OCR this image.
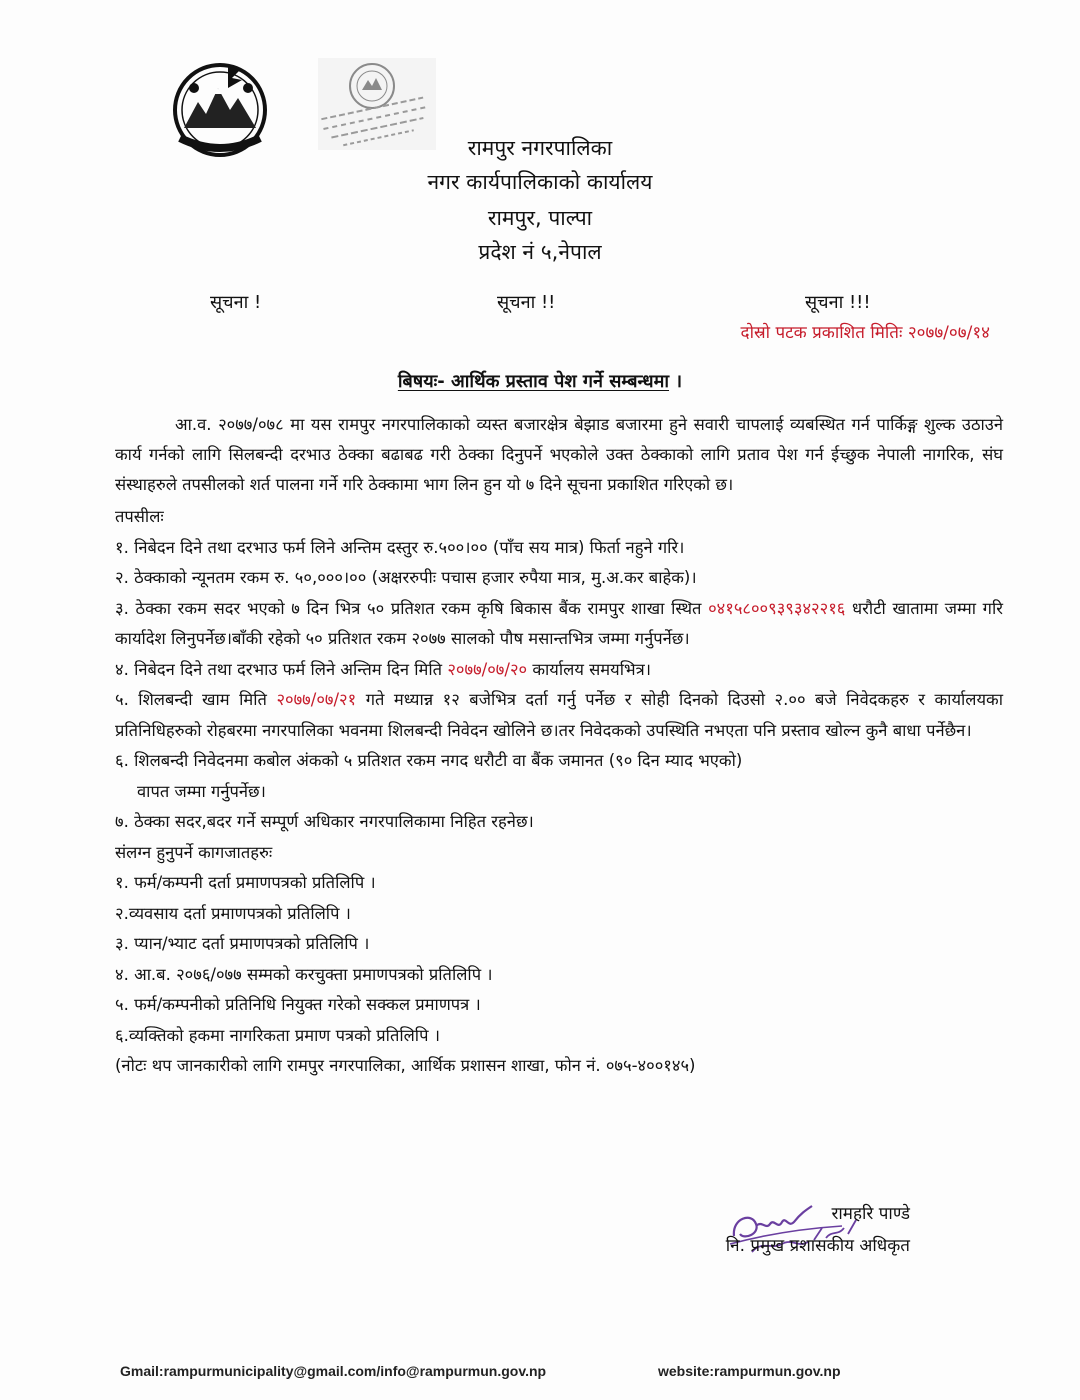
रामपुर नगरपालिका
नगर कार्यपालिकाको कार्यालय
रामपुर, पाल्पा
प्रदेश नं ५,नेपाल
सूचना !	सूचना !!	सूचना !!!
दोस्रो पटक प्रकाशित मितिः २०७७/०७/१४
बिषयः- आर्थिक प्रस्ताव पेश गर्ने सम्बन्धमा ।

आ.व. २०७७/०७८ मा यस रामपुर नगरपालिकाको व्यस्त बजारक्षेत्र बेझाड बजारमा हुने सवारी चापलाई व्यबस्थित गर्न पार्किङ्ग शुल्क उठाउने कार्य गर्नको लागि सिलबन्दी दरभाउ ठेक्का बढाबढ गरी ठेक्का दिनुपर्ने भएकोले उक्त ठेक्काको लागि प्रताव पेश गर्न ईच्छुक नेपाली नागरिक, संघ संस्थाहरुले तपसीलको शर्त पालना गर्ने गरि ठेक्कामा भाग लिन हुन यो ७ दिने सूचना प्रकाशित गरिएको छ।

तपसीलः
१. निबेदन दिने तथा दरभाउ फर्म लिने अन्तिम दस्तुर रु.५००।०० (पाँच सय मात्र) फिर्ता नहुने गरि।
२. ठेक्काको न्यूनतम रकम रु. ५०,०००।०० (अक्षररुपीः पचास हजार रुपैया मात्र, मु.अ.कर बाहेक)।
३. ठेक्का रकम सदर भएको ७ दिन भित्र ५० प्रतिशत रकम कृषि बिकास बैंक रामपुर शाखा स्थित ०४१५८००९३९३४२२१६ धरौटी खातामा जम्मा गरि कार्यादेश लिनुपर्नेछ।बाँकी रहेको ५० प्रतिशत रकम २०७७ सालको पौष मसान्तभित्र जम्मा गर्नुपर्नेछ।
४. निबेदन दिने तथा दरभाउ फर्म लिने अन्तिम दिन मिति २०७७/०७/२० कार्यालय समयभित्र।
५. शिलबन्दी खाम मिति २०७७/०७/२१ गते मध्यान्न १२ बजेभित्र दर्ता गर्नु पर्नेछ र सोही दिनको दिउसो २.०० बजे निवेदकहरु र कार्यालयका प्रतिनिधिहरुको रोहबरमा नगरपालिका भवनमा शिलबन्दी निवेदन खोलिने छ।तर निवेदकको उपस्थिति नभएता पनि प्रस्ताव खोल्न कुनै बाधा पर्नेछैन।
६. शिलबन्दी निवेदनमा कबोल अंकको ५ प्रतिशत रकम नगद धरौटी वा बैंक जमानत (९० दिन म्याद भएको)
वापत जम्मा गर्नुपर्नेछ।
७. ठेक्का सदर,बदर गर्ने सम्पूर्ण अधिकार नगरपालिकामा निहित रहनेछ।
संलग्न हुनुपर्ने कागजातहरुः
१. फर्म/कम्पनी दर्ता प्रमाणपत्रको प्रतिलिपि ।
२.व्यवसाय दर्ता प्रमाणपत्रको प्रतिलिपि ।
३. प्यान/भ्याट दर्ता प्रमाणपत्रको प्रतिलिपि ।
४. आ.ब. २०७६/०७७ सम्मको करचुक्ता प्रमाणपत्रको प्रतिलिपि ।
५. फर्म/कम्पनीको प्रतिनिधि नियुक्त गरेको सक्कल प्रमाणपत्र ।
६.व्यक्तिको हकमा नागरिकता प्रमाण पत्रको प्रतिलिपि ।
(नोटः थप जानकारीको लागि रामपुर नगरपालिका, आर्थिक प्रशासन शाखा, फोन नं. ०७५-४००१४५)
रामहरि पाण्डे
नि. प्रमुख प्रशासकीय अधिकृत
Gmail:rampurmunicipality@gmail.com/info@rampurmun.gov.np	website:rampurmun.gov.np
